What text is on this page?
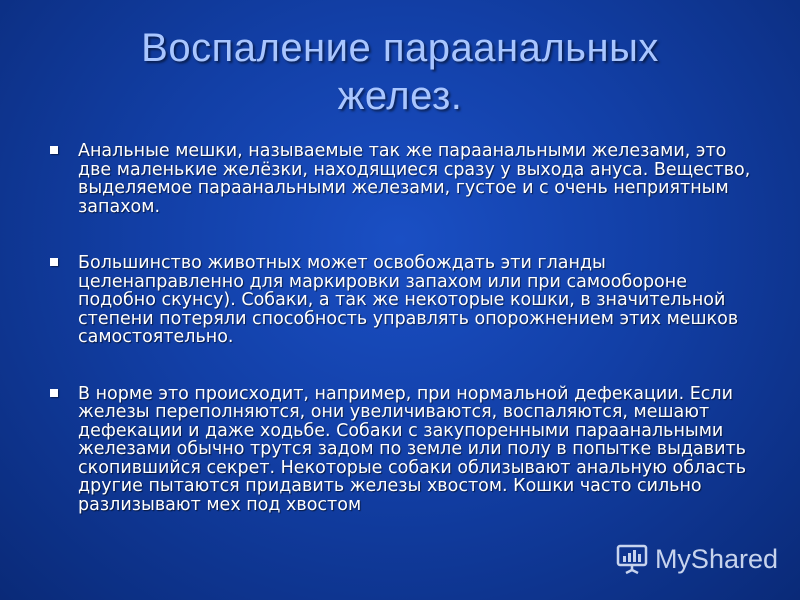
Воспаление параанальных
желез.
Анальные мешки, называемые так же параанальными железами, это две маленькие желёзки, находящиеся сразу у выхода ануса. Вещество, выделяемое параанальными железами, густое и с очень неприятным запахом.
Большинство животных может освобождать эти гланды целенаправленно для маркировки запахом или при самообороне подобно скунсу). Собаки, а так же некоторые кошки, в значительной степени потеряли способность управлять опорожнением этих мешков самостоятельно.
В норме это происходит, например, при нормальной дефекации. Если железы переполняются, они увеличиваются, воспаляются, мешают дефекации и даже ходьбе. Собаки с закупоренными параанальными железами обычно трутся задом по земле или полу в попытке выдавить скопившийся секрет. Некоторые собаки облизывают анальную область другие пытаются придавить железы хвостом. Кошки часто сильно разлизывают мех под хвостом
MyShared
